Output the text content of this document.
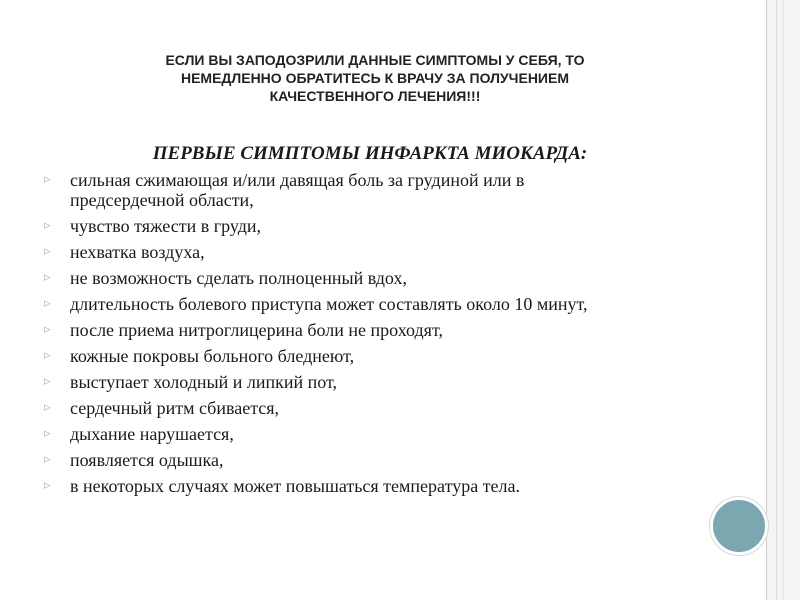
ЕСЛИ ВЫ ЗАПОДОЗРИЛИ ДАННЫЕ СИМПТОМЫ У СЕБЯ, ТО
НЕМЕДЛЕННО ОБРАТИТЕСЬ К ВРАЧУ ЗА ПОЛУЧЕНИЕМ
КАЧЕСТВЕННОГО ЛЕЧЕНИЯ!!!

ПЕРВЫЕ СИМПТОМЫ ИНФАРКТА МИОКАРДА:

▹ сильная сжимающая и/или давящая боль за грудиной или в предсердечной области,
▹ чувство тяжести в груди,
▹ нехватка воздуха,
▹ не возможность сделать полноценный вдох,
▹ длительность болевого приступа может составлять около 10 минут,
▹ после приема нитроглицерина боли не проходят,
▹ кожные покровы больного бледнеют,
▹ выступает холодный и липкий пот,
▹ сердечный ритм сбивается,
▹ дыхание нарушается,
▹ появляется одышка,
▹ в некоторых случаях может повышаться температура тела.
